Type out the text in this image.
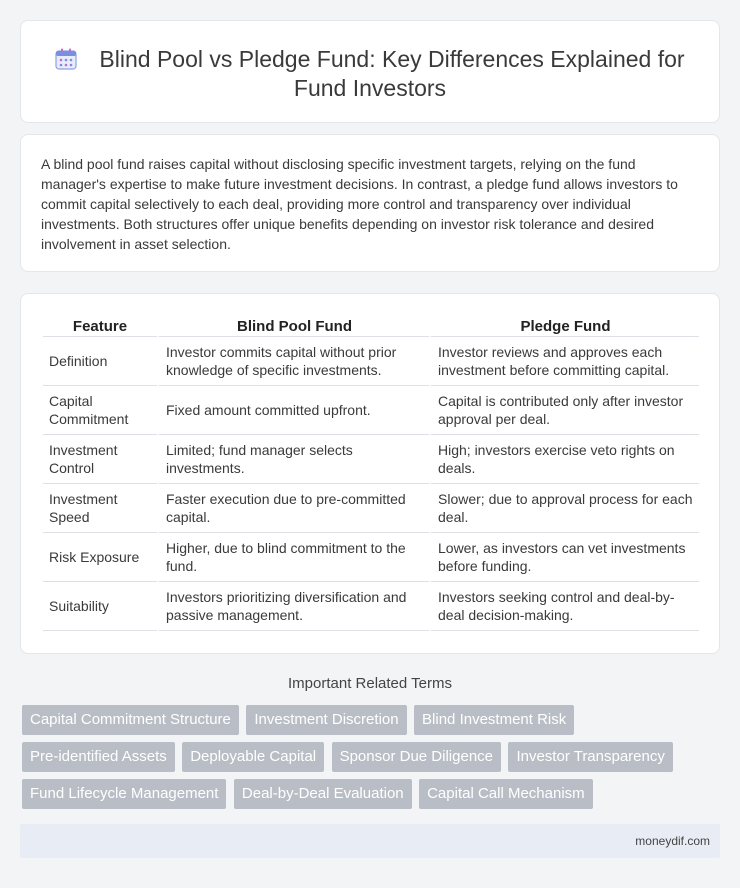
Blind Pool vs Pledge Fund: Key Differences Explained for Fund Investors

A blind pool fund raises capital without disclosing specific investment targets, relying on the fund manager's expertise to make future investment decisions. In contrast, a pledge fund allows investors to commit capital selectively to each deal, providing more control and transparency over individual investments. Both structures offer unique benefits depending on investor risk tolerance and desired involvement in asset selection.

Feature	Blind Pool Fund	Pledge Fund
Definition	Investor commits capital without prior knowledge of specific investments.	Investor reviews and approves each investment before committing capital.
Capital Commitment	Fixed amount committed upfront.	Capital is contributed only after investor approval per deal.
Investment Control	Limited; fund manager selects investments.	High; investors exercise veto rights on deals.
Investment Speed	Faster execution due to pre-committed capital.	Slower; due to approval process for each deal.
Risk Exposure	Higher, due to blind commitment to the fund.	Lower, as investors can vet investments before funding.
Suitability	Investors prioritizing diversification and passive management.	Investors seeking control and deal-by-deal decision-making.
Important Related Terms
Capital Commitment Structure Investment Discretion Blind Investment Risk
Pre-identified Assets Deployable Capital Sponsor Due Diligence Investor Transparency
Fund Lifecycle Management Deal-by-Deal Evaluation Capital Call Mechanism
moneydif.com
